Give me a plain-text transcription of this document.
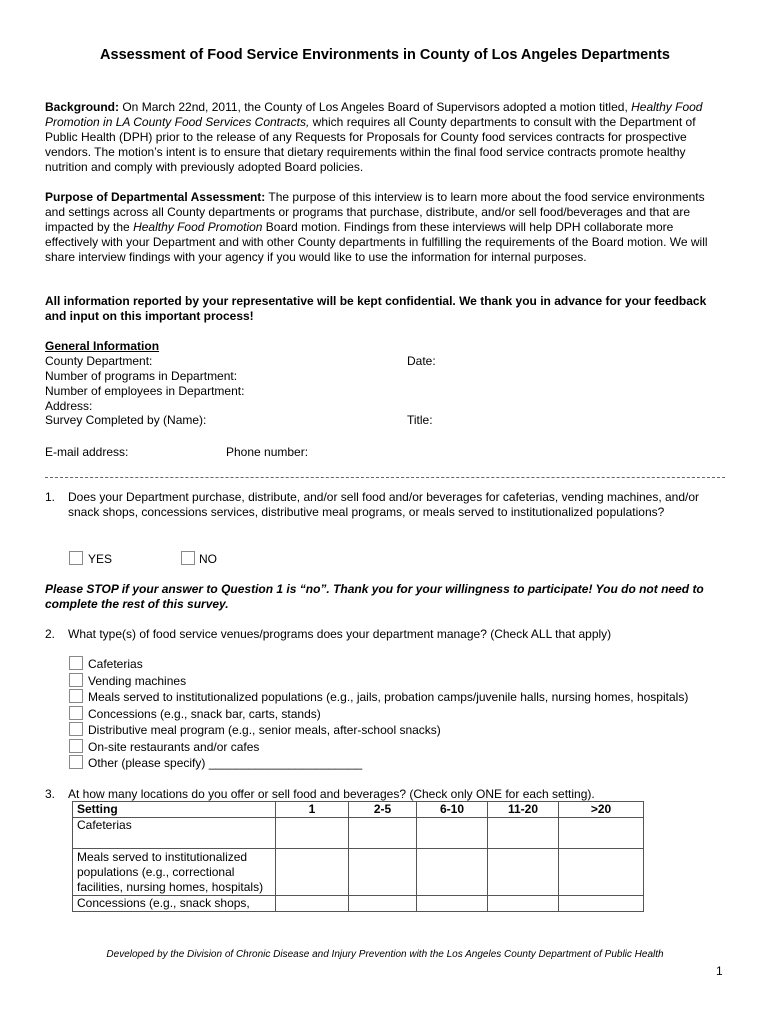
Assessment of Food Service Environments in County of Los Angeles Departments
Background: On March 22nd, 2011, the County of Los Angeles Board of Supervisors adopted a motion titled, Healthy Food Promotion in LA County Food Services Contracts, which requires all County departments to consult with the Department of Public Health (DPH) prior to the release of any Requests for Proposals for County food services contracts for prospective vendors. The motion’s intent is to ensure that dietary requirements within the final food service contracts promote healthy nutrition and comply with previously adopted Board policies.
Purpose of Departmental Assessment: The purpose of this interview is to learn more about the food service environments and settings across all County departments or programs that purchase, distribute, and/or sell food/beverages and that are impacted by the Healthy Food Promotion Board motion. Findings from these interviews will help DPH collaborate more effectively with your Department and with other County departments in fulfilling the requirements of the Board motion. We will share interview findings with your agency if you would like to use the information for internal purposes.
All information reported by your representative will be kept confidential. We thank you in advance for your feedback and input on this important process!
General Information
County Department:	Date:
Number of programs in Department:
Number of employees in Department:
Address:
Survey Completed by (Name):	Title:
E-mail address:	Phone number:
1. Does your Department purchase, distribute, and/or sell food and/or beverages for cafeterias, vending machines, and/or snack shops, concessions services, distributive meal programs, or meals served to institutionalized populations?
YES	NO
Please STOP if your answer to Question 1 is “no”. Thank you for your willingness to participate! You do not need to complete the rest of this survey.
2. What type(s) of food service venues/programs does your department manage? (Check ALL that apply)
Cafeterias
Vending machines
Meals served to institutionalized populations (e.g., jails, probation camps/juvenile halls, nursing homes, hospitals)
Concessions (e.g., snack bar, carts, stands)
Distributive meal program (e.g., senior meals, after-school snacks)
On-site restaurants and/or cafes
Other (please specify) _______________________
3. At how many locations do you offer or sell food and beverages? (Check only ONE for each setting).
Setting	1	2-5	6-10	11-20	>20
Cafeterias					
Meals served to institutionalized populations (e.g., correctional facilities, nursing homes, hospitals)					
Concessions (e.g., snack shops,					
Developed by the Division of Chronic Disease and Injury Prevention with the Los Angeles County Department of Public Health
1
